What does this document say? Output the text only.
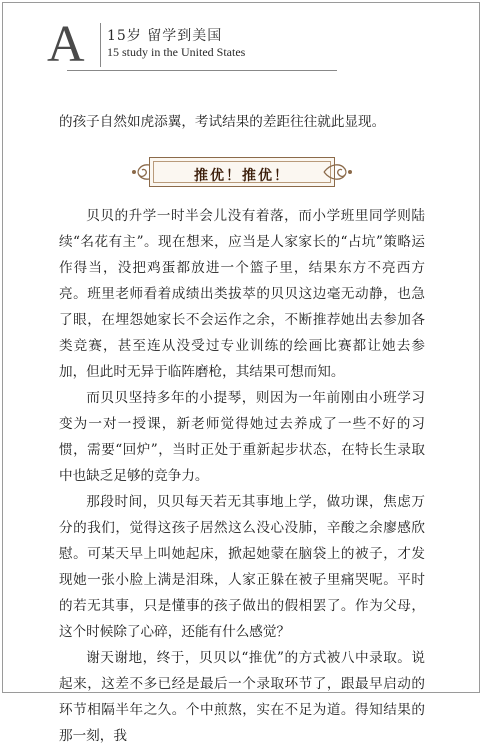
A 15岁 留学到美国
15 study in the United States

的孩子自然如虎添翼，考试结果的差距往往就此显现。

推优！推优！

贝贝的升学一时半会儿没有着落，而小学班里同学则陆续“名花有主”。现在想来，应当是人家家长的“占坑”策略运作得当，没把鸡蛋都放进一个篮子里，结果东方不亮西方亮。班里老师看着成绩出类拔萃的贝贝这边毫无动静，也急了眼，在埋怨她家长不会运作之余，不断推荐她出去参加各类竞赛，甚至连从没受过专业训练的绘画比赛都让她去参加，但此时无异于临阵磨枪，其结果可想而知。

而贝贝坚持多年的小提琴，则因为一年前刚由小班学习变为一对一授课，新老师觉得她过去养成了一些不好的习惯，需要“回炉”，当时正处于重新起步状态，在特长生录取中也缺乏足够的竞争力。

那段时间，贝贝每天若无其事地上学，做功课，焦虑万分的我们，觉得这孩子居然这么没心没肺，辛酸之余廖感欣慰。可某天早上叫她起床，掀起她蒙在脑袋上的被子，才发现她一张小脸上满是泪珠，人家正躲在被子里痛哭呢。平时的若无其事，只是懂事的孩子做出的假相罢了。作为父母，这个时候除了心碎，还能有什么感觉？

谢天谢地，终于，贝贝以“推优”的方式被八中录取。说起来，这差不多已经是最后一个录取环节了，跟最早启动的环节相隔半年之久。个中煎熬，实在不足为道。得知结果的那一刻，我
